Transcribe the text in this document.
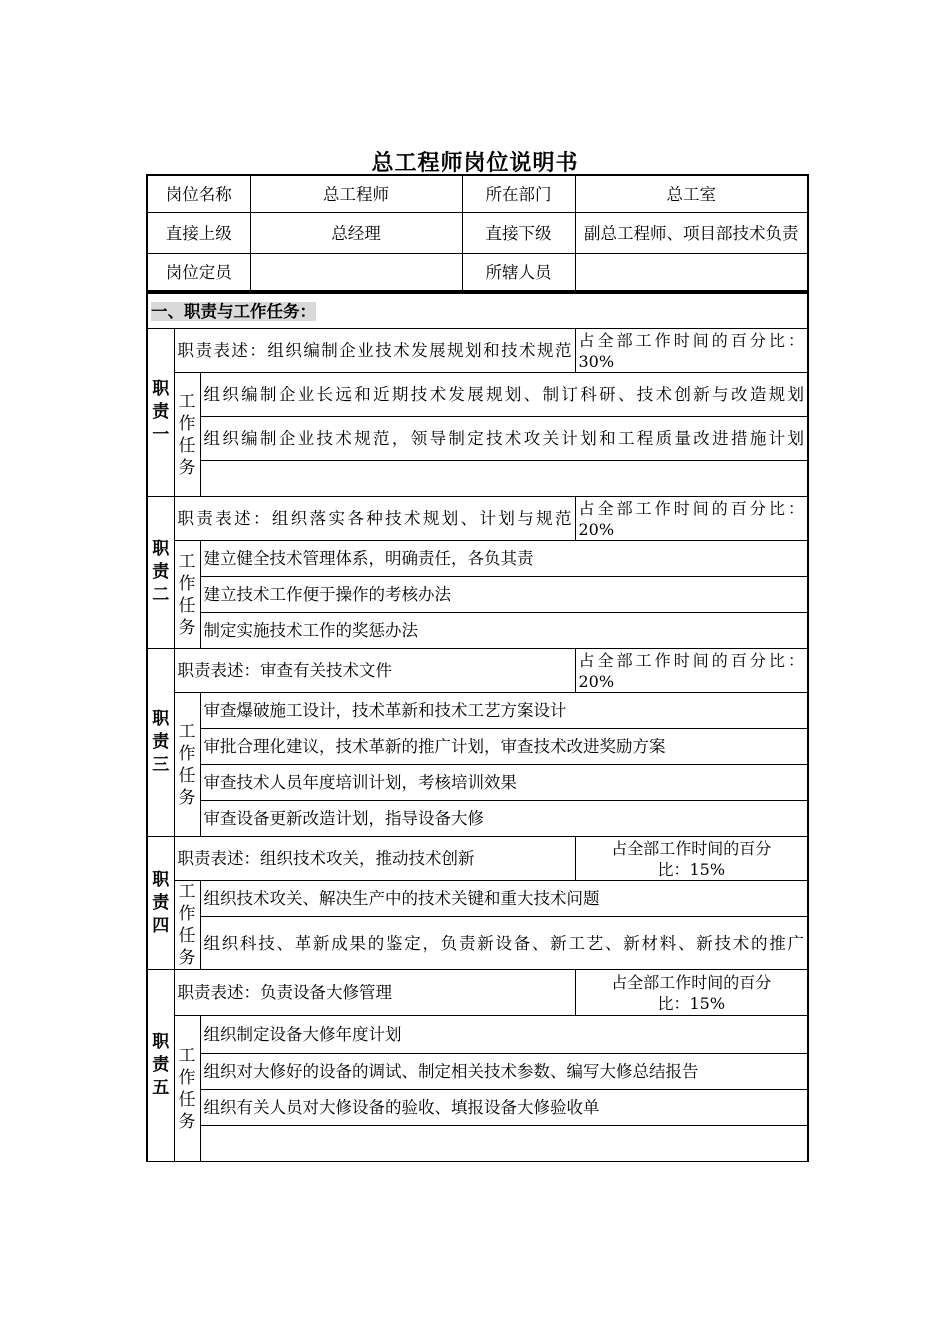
总工程师岗位说明书
岗位名称	总工程师	所在部门	总工室
直接上级	总经理	直接下级	副总工程师、项目部技术负责
岗位定员		所辖人员	
一、职责与工作任务：			
职
责
一	职责表述：组织编制企业技术发展规划和技术规范		占全部工作时间的百分比： 30%
	工
作
任
务	组织编制企业长远和近期技术发展规划、制订科研、技术创新与改造规划	
		组织编制企业技术规范，领导制定技术攻关计划和工程质量改进措施计划	

职
责
二	职责表述：组织落实各种技术规划、计划与规范		占全部工作时间的百分比：20%
	工
作
任
务	建立健全技术管理体系，明确责任，各负其责	
		建立技术工作便于操作的考核办法	
		制定实施技术工作的奖惩办法	
职
责
三	职责表述：审查有关技术文件		占全部工作时间的百分比：20%
	工
作
任
务	审查爆破施工设计，技术革新和技术工艺方案设计	
		审批合理化建议，技术革新的推广计划，审查技术改进奖励方案	
		审查技术人员年度培训计划，考核培训效果	
		审查设备更新改造计划，指导设备大修	
职
责
四	职责表述：组织技术攻关，推动技术创新		占全部工作时间的百分比：15%
	工
作
任
务	组织技术攻关、解决生产中的技术关键和重大技术问题	
		组织科技、革新成果的鉴定，负责新设备、新工艺、新材料、新技术的推广	
职
责
五	职责表述：负责设备大修管理		占全部工作时间的百分比：15%
	工
作
任
务	组织制定设备大修年度计划	
		组织对大修好的设备的调试、制定相关技术参数、编写大修总结报告	
		组织有关人员对大修设备的验收、填报设备大修验收单	
